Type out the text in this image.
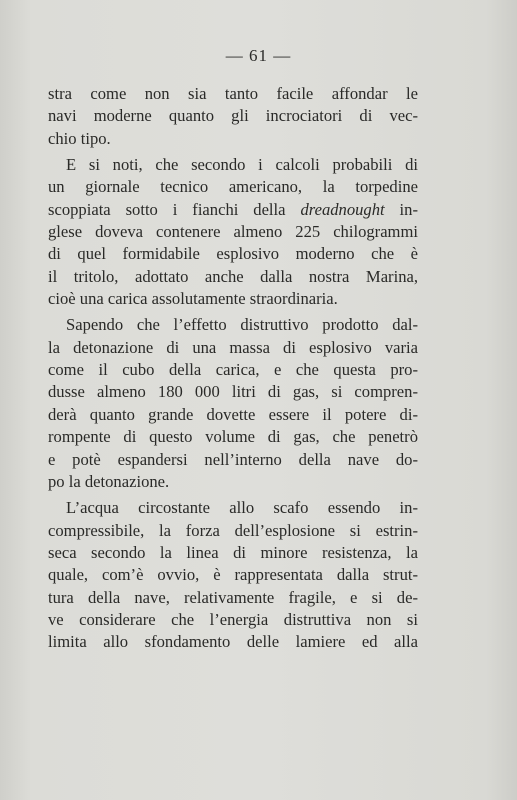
— 61 —
stra come non sia tanto facile affondar le
navi moderne quanto gli incrociatori di vec-
chio tipo.
E si noti, che secondo i calcoli probabili di
un giornale tecnico americano, la torpedine
scoppiata sotto i fianchi della dreadnought in-
glese doveva contenere almeno 225 chilogrammi
di quel formidabile esplosivo moderno che è
il tritolo, adottato anche dalla nostra Marina,
cioè una carica assolutamente straordinaria.
Sapendo che l’effetto distruttivo prodotto dal-
la detonazione di una massa di esplosivo varia
come il cubo della carica, e che questa pro-
dusse almeno 180 000 litri di gas, si compren-
derà quanto grande dovette essere il potere di-
rompente di questo volume di gas, che penetrò
e potè espandersi nell’interno della nave do-
po la detonazione.
L’acqua circostante allo scafo essendo in-
compressibile, la forza dell’esplosione si estrin-
seca secondo la linea di minore resistenza, la
quale, com’è ovvio, è rappresentata dalla strut-
tura della nave, relativamente fragile, e si de-
ve considerare che l’energia distruttiva non si
limita allo sfondamento delle lamiere ed alla
